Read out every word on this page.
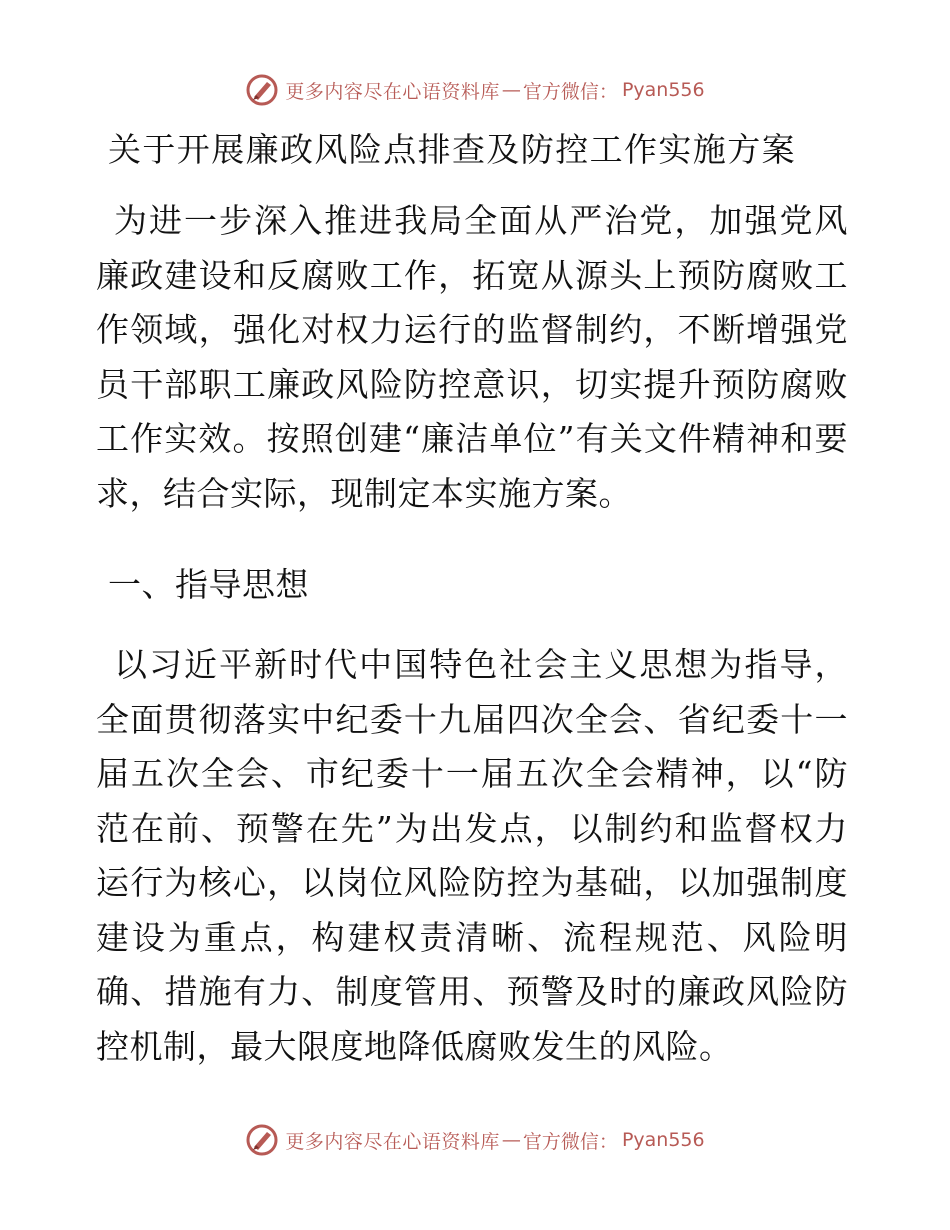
更多内容尽在心语资料库 — 官方微信： Pyan556
关于开展廉政风险点排查及防控工作实施方案

为进一步深入推进我局全面从严治党，加强党风廉政建设和反腐败工作，拓宽从源头上预防腐败工作领域，强化对权力运行的监督制约，不断增强党员干部职工廉政风险防控意识，切实提升预防腐败工作实效。按照创建“廉洁单位”有关文件精神和要求，结合实际，现制定本实施方案。

一、指导思想

以习近平新时代中国特色社会主义思想为指导，全面贯彻落实中纪委十九届四次全会、省纪委十一届五次全会、市纪委十一届五次全会精神，以“防范在前、预警在先”为出发点，以制约和监督权力运行为核心，以岗位风险防控为基础，以加强制度建设为重点，构建权责清晰、流程规范、风险明确、措施有力、制度管用、预警及时的廉政风险防控机制，最大限度地降低腐败发生的风险。

更多内容尽在心语资料库 — 官方微信： Pyan556
